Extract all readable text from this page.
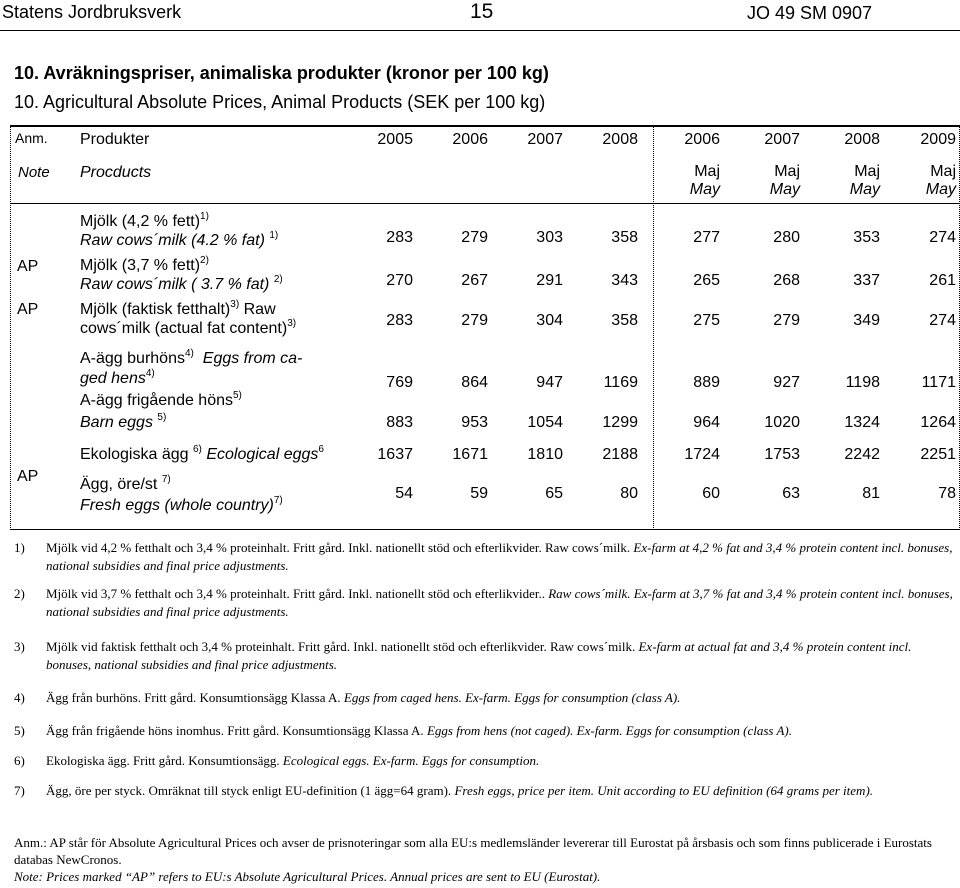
Statens Jordbruksverk	15	JO 49 SM 0907
10. Avräkningspriser, animaliska produkter (kronor per 100 kg)
10. Agricultural Absolute Prices, Animal Products (SEK per 100 kg)
Anm. Produkter
Note Procducts
2005	2006	2007	2008	2006	2007	2008	2009
Maj	Maj	Maj	Maj
May	May	May	May
Mjölk (4,2 % fett)$^{1)}$
Raw cows´milk (4.2 % fat) $^{1)}$	283	279	303	358	277	280	353	274
AP	Mjölk (3,7 % fett)$^{2)}$
Raw cows´milk ( 3.7 % fat) $^{2)}$	270	267	291	343	265	268	337	261
AP	Mjölk (faktisk fetthalt)$^{3)}$ Raw
cows´milk (actual fat content)$^{3)}$	283	279	304	358	275	279	349	274
A-ägg burhöns$^{4)}$ Eggs from ca-
ged hens$^{4)}$
769	864	947	1169	889	927	1198	1171
A-ägg frigående höns$^{5)}$
Barn eggs $^{5)}$	883	953	1054	1299	964	1020	1324	1264
AP
Ekologiska ägg $^{6)}$ Ecological eggs$^6$	1637	1671	1810	2188	1724	1753	2242	2251
Ägg, öre/st $^{7)}$
Fresh eggs (whole country)$^{7)}$	54	59	65	80	60	63	81	78
1) Mjölk vid 4,2 % fetthalt och 3,4 % proteinhalt. Fritt gård. Inkl. nationellt stöd och efterlikvider. Raw cows´milk. Ex-farm at 4,2 % fat and 3,4 % protein content incl. bonuses, national subsidies and final price adjustments.
2) Mjölk vid 3,7 % fetthalt och 3,4 % proteinhalt. Fritt gård. Inkl. nationellt stöd och efterlikvider.. Raw cows´milk. Ex-farm at 3,7 % fat and 3,4 % protein content incl. bonuses, national subsidies and final price adjustments.
3) Mjölk vid faktisk fetthalt och 3,4 % proteinhalt. Fritt gård. Inkl. nationellt stöd och efterlikvider. Raw cows´milk. Ex-farm at actual fat and 3,4 % protein content incl. bonuses, national subsidies and final price adjustments.
4) Ägg från burhöns. Fritt gård. Konsumtionsägg Klassa A. Eggs from caged hens. Ex-farm. Eggs for consumption (class A).
5) Ägg från frigående höns inomhus. Fritt gård. Konsumtionsägg Klassa A. Eggs from hens (not caged). Ex-farm. Eggs for consumption (class A).
6) Ekologiska ägg. Fritt gård. Konsumtionsägg. Ecological eggs. Ex-farm. Eggs for consumption.
7) Ägg, öre per styck. Omräknat till styck enligt EU-definition (1 ägg=64 gram). Fresh eggs, price per item. Unit according to EU definition (64 grams per item).
Anm.: AP står för Absolute Agricultural Prices och avser de prisnoteringar som alla EU:s medlemsländer levererar till Eurostat på årsbasis och som finns publicerade i Eurostats databas NewCronos.
Note: Prices marked “AP” refers to EU:s Absolute Agricultural Prices. Annual prices are sent to EU (Eurostat).
